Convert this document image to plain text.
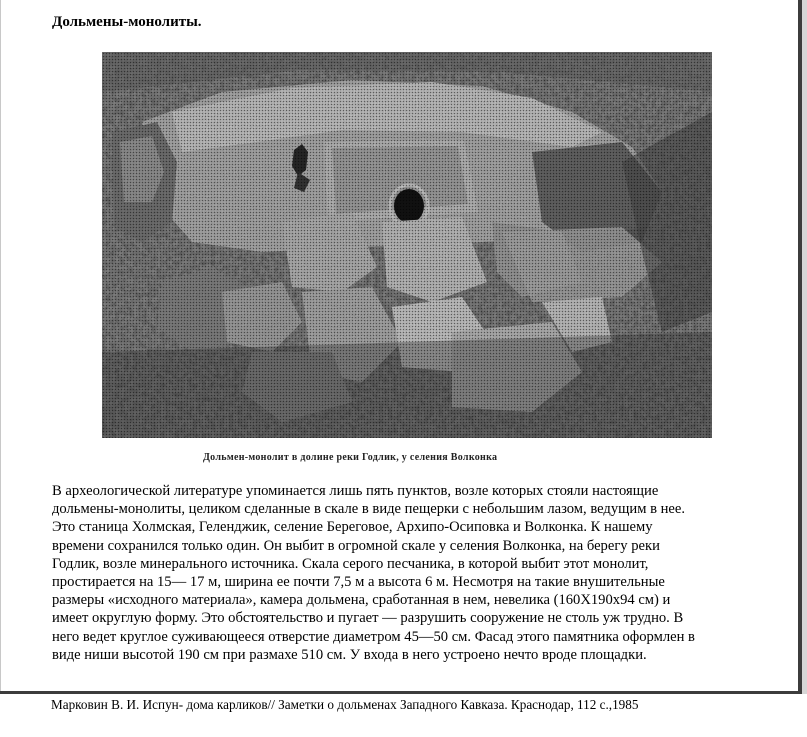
Дольмены-монолиты.
Дольмен-монолит в долине реки Годлик, у селения Волконка
В археологической литературе упоминается лишь пять пунктов, возле которых стояли настоящие
дольмены-монолиты, целиком сделанные в скале в виде пещерки с небольшим лазом, ведущим в нее.
Это станица Холмская, Геленджик, селение Береговое, Архипо-Осиповка и Волконка. К нашему
времени сохранился только один. Он выбит в огромной скале у селения Волконка, на берегу реки
Годлик, возле минерального источника. Скала серого песчаника, в которой выбит этот монолит,
простирается на 15— 17 м, ширина ее почти 7,5 м а высота 6 м. Несмотря на такие внушительные
размеры «исходного материала», камера дольмена, сработанная в нем, невелика (160X190x94 см) и
имеет округлую форму. Это обстоятельство и пугает — разрушить сооружение не столь уж трудно. В
него ведет круглое суживающееся отверстие диаметром 45—50 см. Фасад этого памятника оформлен в
виде ниши высотой 190 см при размахе 510 см. У входа в него устроено нечто вроде площадки.
Марковин В. И. Испун- дома карликов// Заметки о дольменах Западного Кавказа. Краснодар, 112 с.,1985
